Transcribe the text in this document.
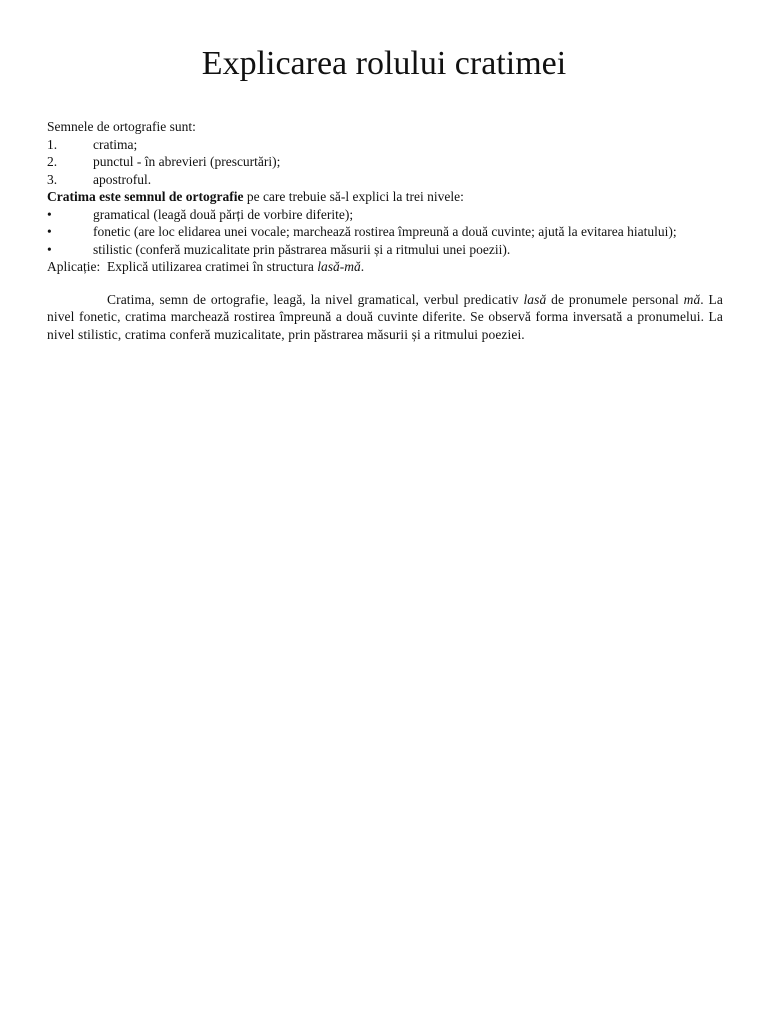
Explicarea rolului cratimei

Semnele de ortografie sunt:

1.	cratima;
2.	punctul - în abrevieri (prescurtări);
3.	apostroful.

Cratima este semnul de ortografie pe care trebuie să-l explici la trei nivele:

•	gramatical (leagă două părți de vorbire diferite);
•	fonetic (are loc elidarea unei vocale; marchează rostirea împreună a două cuvinte; ajută la evitarea hiatului);
•	stilistic (conferă muzicalitate prin păstrarea măsurii și a ritmului unei poezii).

Aplicație:  Explică utilizarea cratimei în structura lasă-mă.

Cratima, semn de ortografie, leagă, la nivel gramatical, verbul predicativ lasă de pronumele personal mă. La nivel fonetic, cratima marchează rostirea împreună a două cuvinte diferite. Se observă forma inversată a pronumelui. La nivel stilistic, cratima conferă muzicalitate, prin păstrarea măsurii și a ritmului poeziei.
